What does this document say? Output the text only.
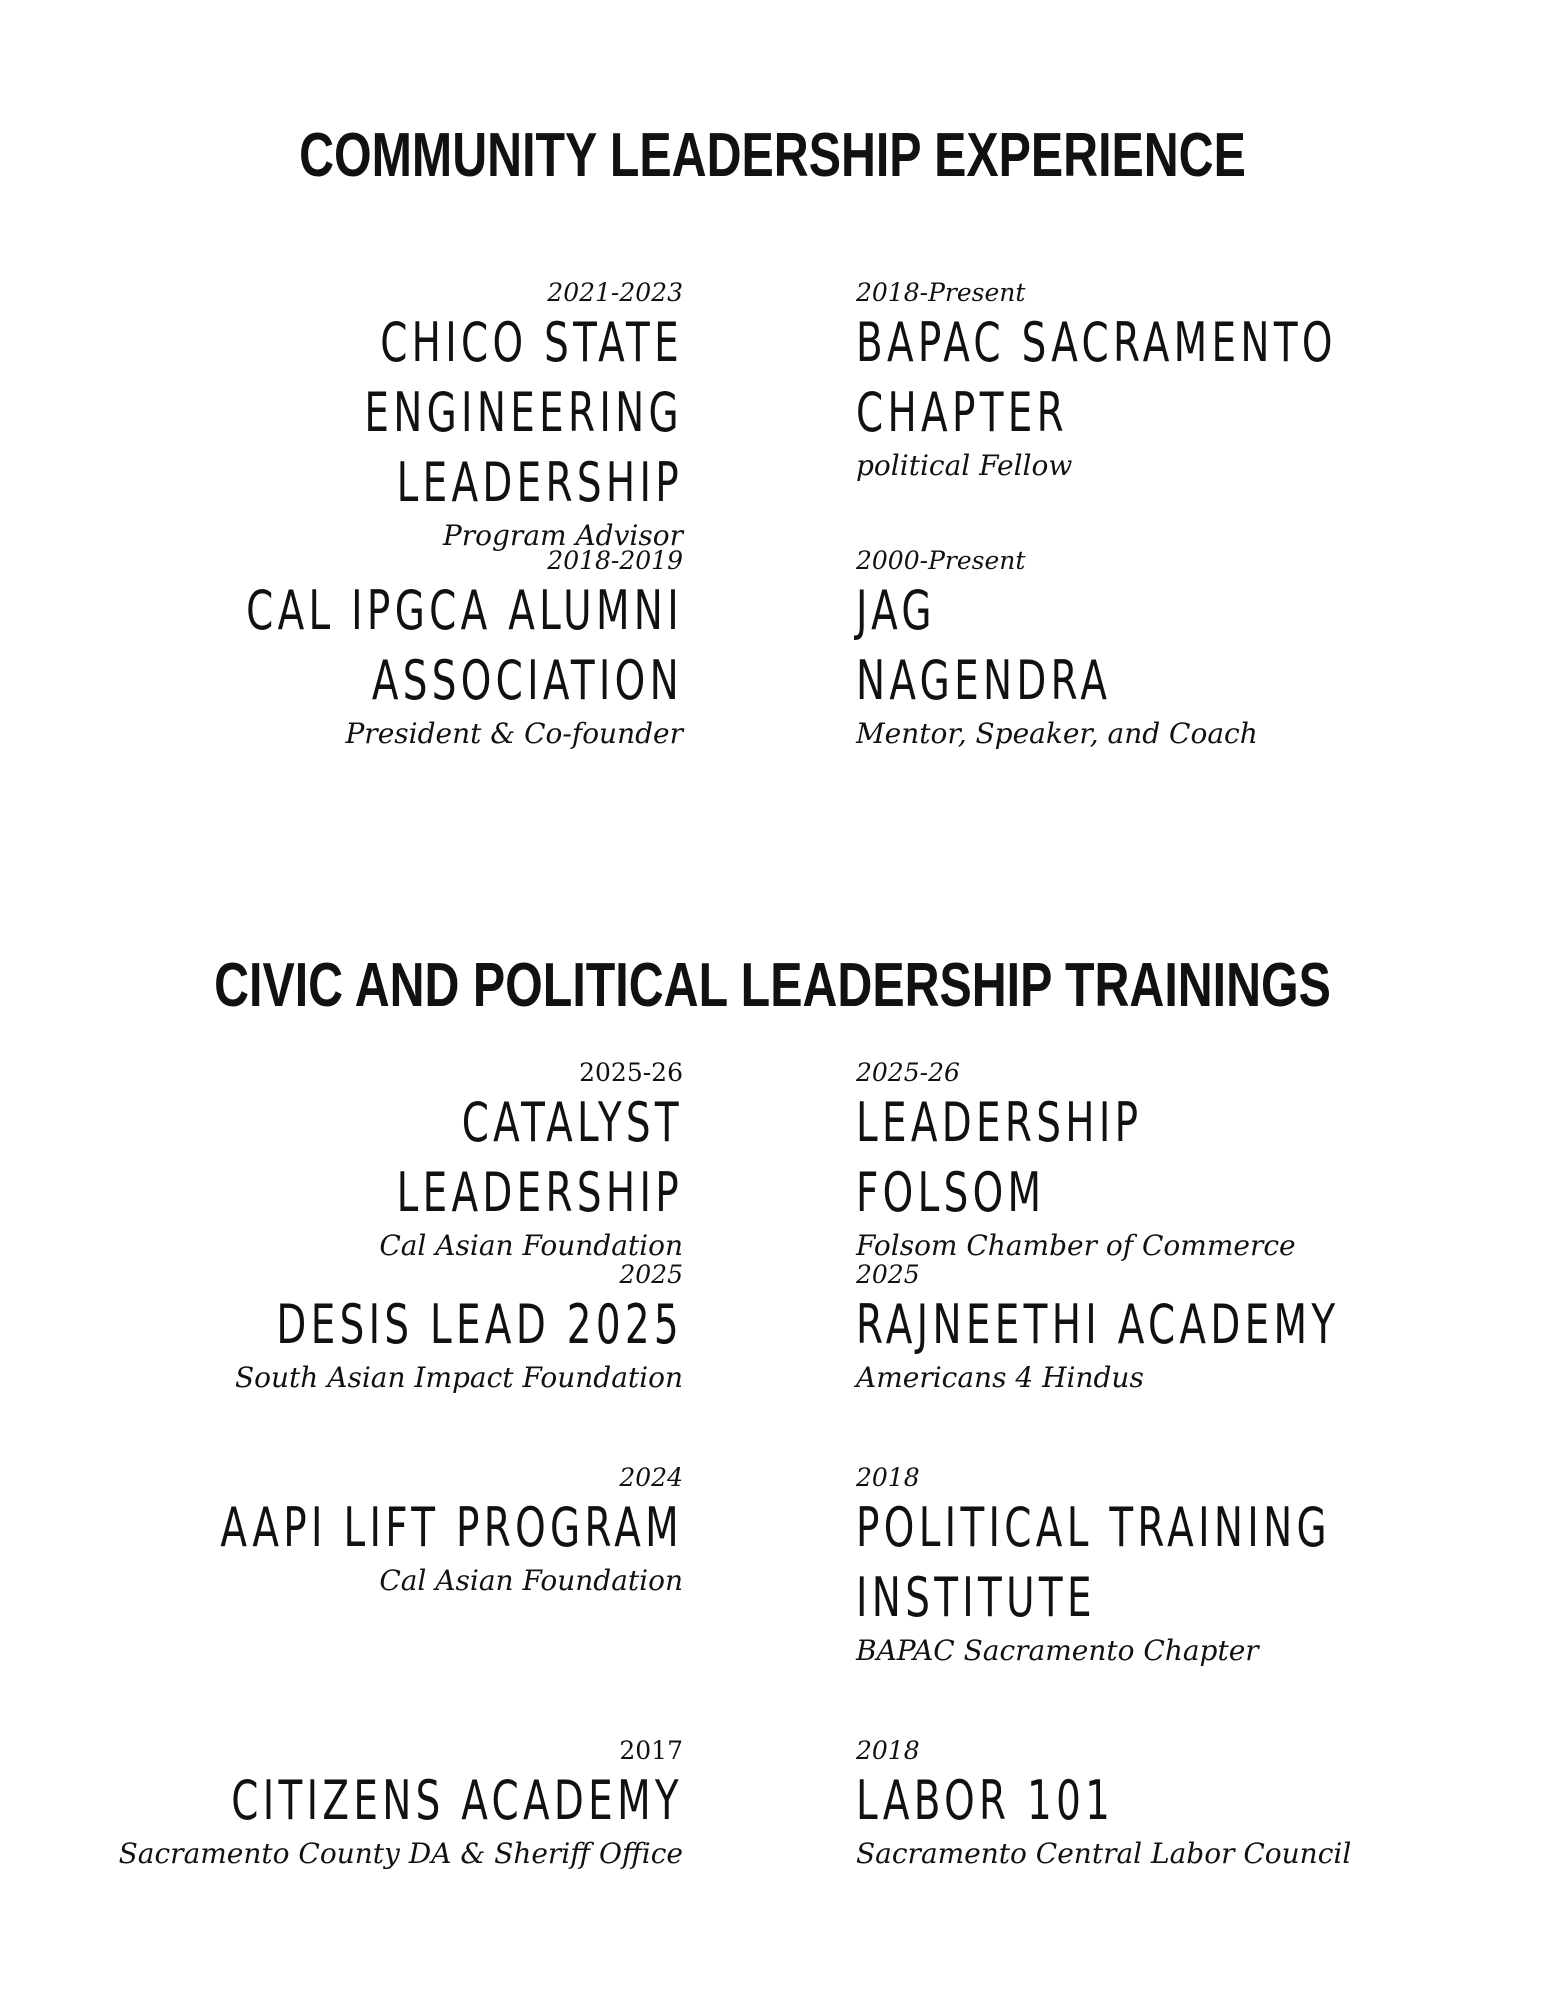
COMMUNITY LEADERSHIP EXPERIENCE
2021-2023
CHICO STATE
ENGINEERING LEADERSHIP
Program Advisor
2018-Present
BAPAC SACRAMENTO
CHAPTER
political Fellow
2018-2019
CAL IPGCA ALUMNI
ASSOCIATION
President & Co-founder
2000-Present
JAG
NAGENDRA
Mentor, Speaker, and Coach
CIVIC AND POLITICAL LEADERSHIP TRAININGS
2025-26
CATALYST LEADERSHIP
Cal Asian Foundation
2025-26
LEADERSHIP FOLSOM
Folsom Chamber of Commerce
2025
DESIS LEAD 2025
South Asian Impact Foundation
2025
RAJNEETHI ACADEMY
Americans 4 Hindus
2024
AAPI LIFT PROGRAM
Cal Asian Foundation
2018
POLITICAL TRAINING
INSTITUTE
BAPAC Sacramento Chapter
2017
CITIZENS ACADEMY
Sacramento County DA & Sheriff Office
2018
LABOR 101
Sacramento Central Labor Council
